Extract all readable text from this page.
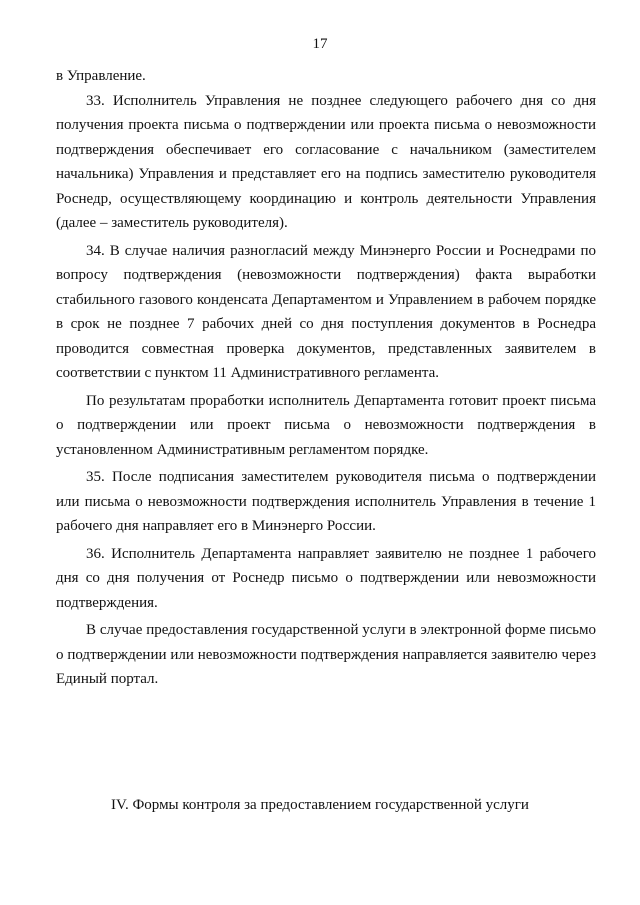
17

в Управление.

33. Исполнитель Управления не позднее следующего рабочего дня со дня получения проекта письма о подтверждении или проекта письма о невозможности подтверждения обеспечивает его согласование с начальником (заместителем начальника) Управления и представляет его на подпись заместителю руководителя Роснедр, осуществляющему координацию и контроль деятельности Управления (далее – заместитель руководителя).

34. В случае наличия разногласий между Минэнерго России и Роснедрами по вопросу подтверждения (невозможности подтверждения) факта выработки стабильного газового конденсата Департаментом и Управлением в рабочем порядке в срок не позднее 7 рабочих дней со дня поступления документов в Роснедра проводится совместная проверка документов, представленных заявителем в соответствии с пунктом 11 Административного регламента.

По результатам проработки исполнитель Департамента готовит проект письма о подтверждении или проект письма о невозможности подтверждения в установленном Административным регламентом порядке.

35. После подписания заместителем руководителя письма о подтверждении или письма о невозможности подтверждения исполнитель Управления в течение 1 рабочего дня направляет его в Минэнерго России.

36. Исполнитель Департамента направляет заявителю не позднее 1 рабочего дня со дня получения от Роснедр письмо о подтверждении или невозможности подтверждения.

В случае предоставления государственной услуги в электронной форме письмо о подтверждении или невозможности подтверждения направляется заявителю через Единый портал.

IV. Формы контроля за предоставлением государственной услуги
